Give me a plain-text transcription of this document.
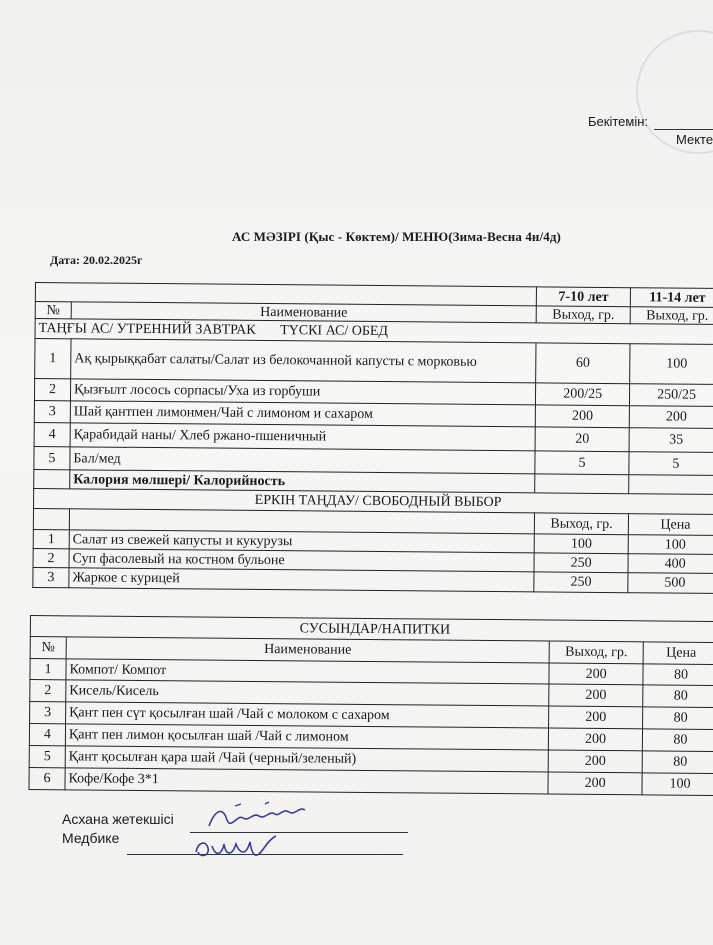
Бекітемін:
Мекте
АС МӘЗІРІ (Қыс - Көктем)/ МЕНЮ(Зима-Весна 4н/4д)
Дата: 20.02.2025г
		7-10 лет	11-14 лет
№	Наименование	Выход, гр.	Выход, гр.
ТАҢҒЫ АС/ УТРЕННИЙ ЗАВТРАК       ТҮСКІ АС/ ОБЕД			
1	Ақ қырыққабат салаты/Салат из белокочанной капусты с морковью	60	100
2	Қызғылт лосось сорпасы/Уха из горбуши	200/25	250/25
3	Шай қантпен лимонмен/Чай с лимоном и сахаром	200	200
4	Қарабидай наны/ Хлеб ржано-пшеничный	20	35
5	Бал/мед	5	5
	Калория мөлшері/ Калорийность		
ЕРКІН ТАҢДАУ/ СВОБОДНЫЙ ВЫБОР			
		Выход, гр.	Цена
1	Салат из свежей капусты и кукурузы	100	100
2	Суп фасолевый на костном бульоне	250	400
3	Жаркое с курицей	250	500
СУСЫНДАР/НАПИТКИ			
№	Наименование	Выход, гр.	Цена
1	Компот/ Компот	200	80
2	Кисель/Кисель	200	80
3	Қант пен сүт қосылған шай /Чай с молоком с сахаром	200	80
4	Қант пен лимон қосылған шай /Чай с лимоном	200	80
5	Қант қосылған қара шай /Чай (черный/зеленый)	200	80
6	Кофе/Кофе 3*1	200	100
Асхана жетекшісі
Медбике
